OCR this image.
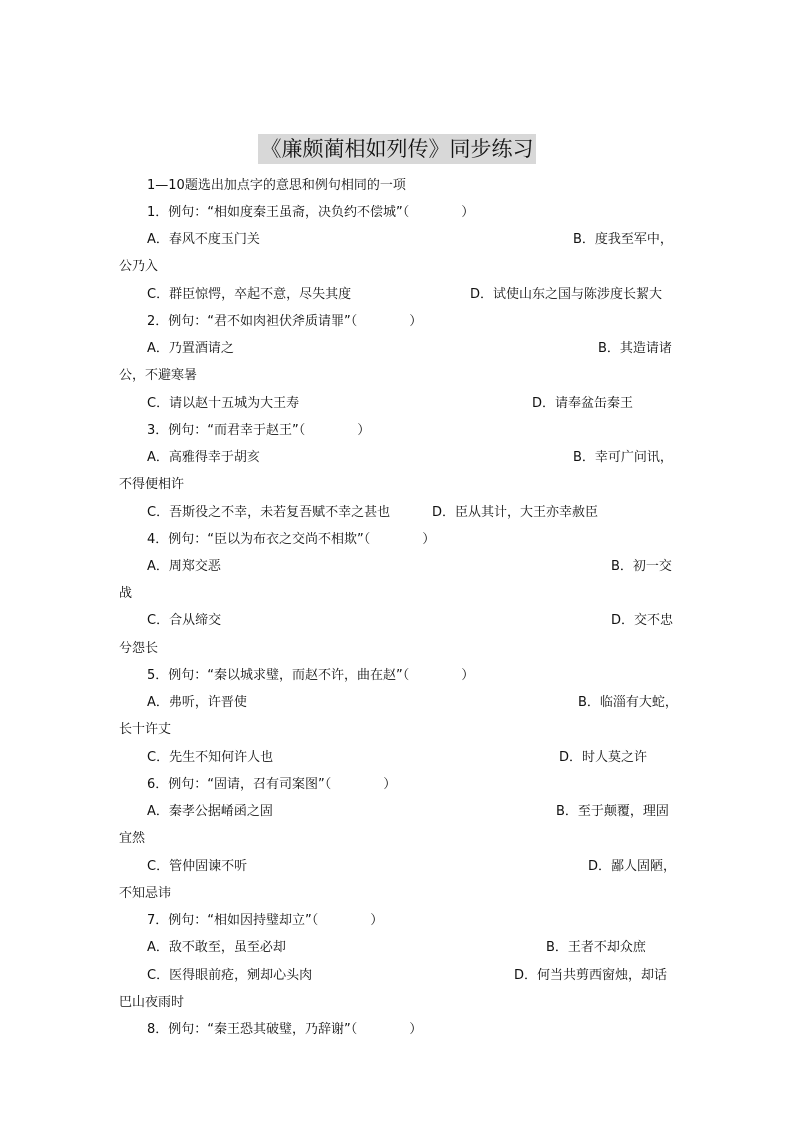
《廉颇蔺相如列传》同步练习
1—10题选出加点字的意思和例句相同的一项
1．例句：“相如度秦王虽斋，决负约不偿城”（　　　　）
A．春风不度玉门关	B．度我至军中，
公乃入
C．群臣惊愕，卒起不意，尽失其度	D．试使山东之国与陈涉度长絜大
2．例句：“君不如肉袒伏斧质请罪”（　　　　）
A．乃置酒请之	B．其造请诸
公，不避寒暑
C．请以赵十五城为大王寿	D．请奉盆缶秦王
3．例句：“而君幸于赵王”（　　　　）
A．高雅得幸于胡亥	B．幸可广问讯，
不得便相许
C．吾斯役之不幸，未若复吾赋不幸之甚也	D．臣从其计，大王亦幸赦臣
4．例句：“臣以为布衣之交尚不相欺”（　　　　）
A．周郑交恶	B．初一交
战
C．合从缔交	D．交不忠
兮怨长
5．例句：“秦以城求璧，而赵不许，曲在赵”（　　　　）
A．弗听，许晋使	B．临淄有大蛇，
长十许丈
C．先生不知何许人也	D．时人莫之许
6．例句：“固请，召有司案图”（　　　　）
A．秦孝公据崤函之固	B．至于颠覆，理固
宜然
C．管仲固谏不听	D．鄙人固陋，
不知忌讳
7．例句：“相如因持璧却立”（　　　　）
A．敌不敢至，虽至必却	B．王者不却众庶
C．医得眼前疮，剜却心头肉	D．何当共剪西窗烛，却话
巴山夜雨时
8．例句：“秦王恐其破璧，乃辞谢”（　　　　）
